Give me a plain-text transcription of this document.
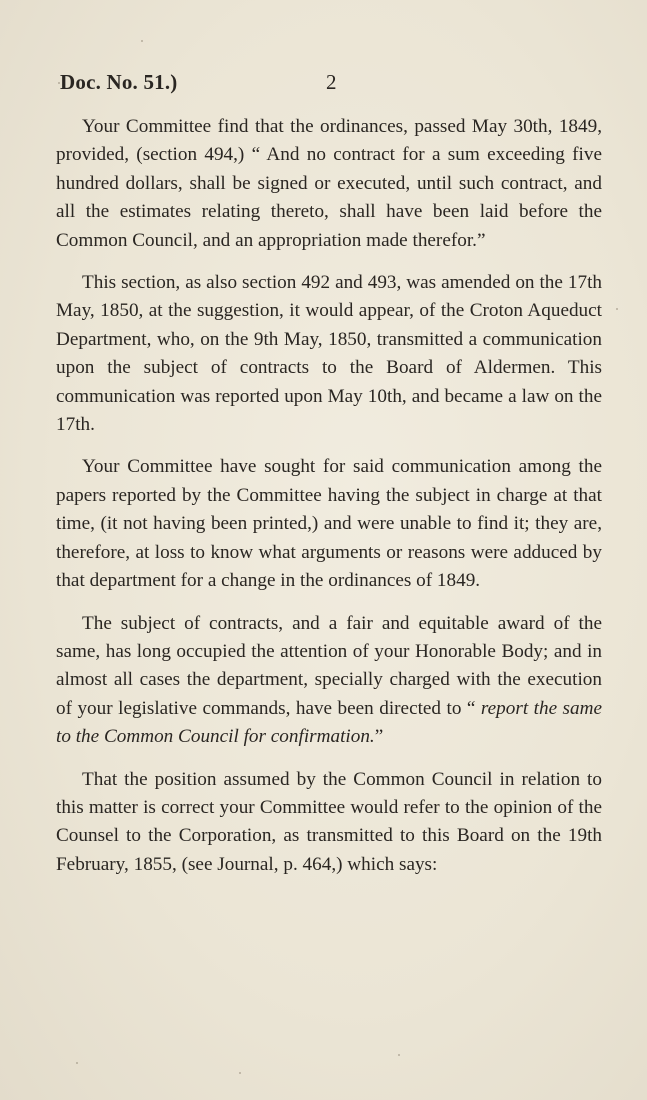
Doc. No. 51.)	2

Your Committee find that the ordinances, passed May 30th, 1849, provided, (section 494,) “ And no contract for a sum exceeding five hundred dollars, shall be signed or executed, until such contract, and all the estimates relating thereto, shall have been laid before the Common Council, and an appropriation made therefor.”

This section, as also section 492 and 493, was amended on the 17th May, 1850, at the suggestion, it would appear, of the Croton Aqueduct Department, who, on the 9th May, 1850, transmitted a communication upon the subject of contracts to the Board of Aldermen. This communication was reported upon May 10th, and became a law on the 17th.

Your Committee have sought for said communication among the papers reported by the Committee having the subject in charge at that time, (it not having been printed,) and were unable to find it; they are, therefore, at loss to know what arguments or reasons were adduced by that department for a change in the ordinances of 1849.

The subject of contracts, and a fair and equitable award of the same, has long occupied the attention of your Honorable Body; and in almost all cases the department, specially charged with the execution of your legislative commands, have been directed to “ report the same to the Common Council for confirmation.”

That the position assumed by the Common Council in relation to this matter is correct your Committee would refer to the opinion of the Counsel to the Corporation, as transmitted to this Board on the 19th February, 1855, (see Journal, p. 464,) which says:
